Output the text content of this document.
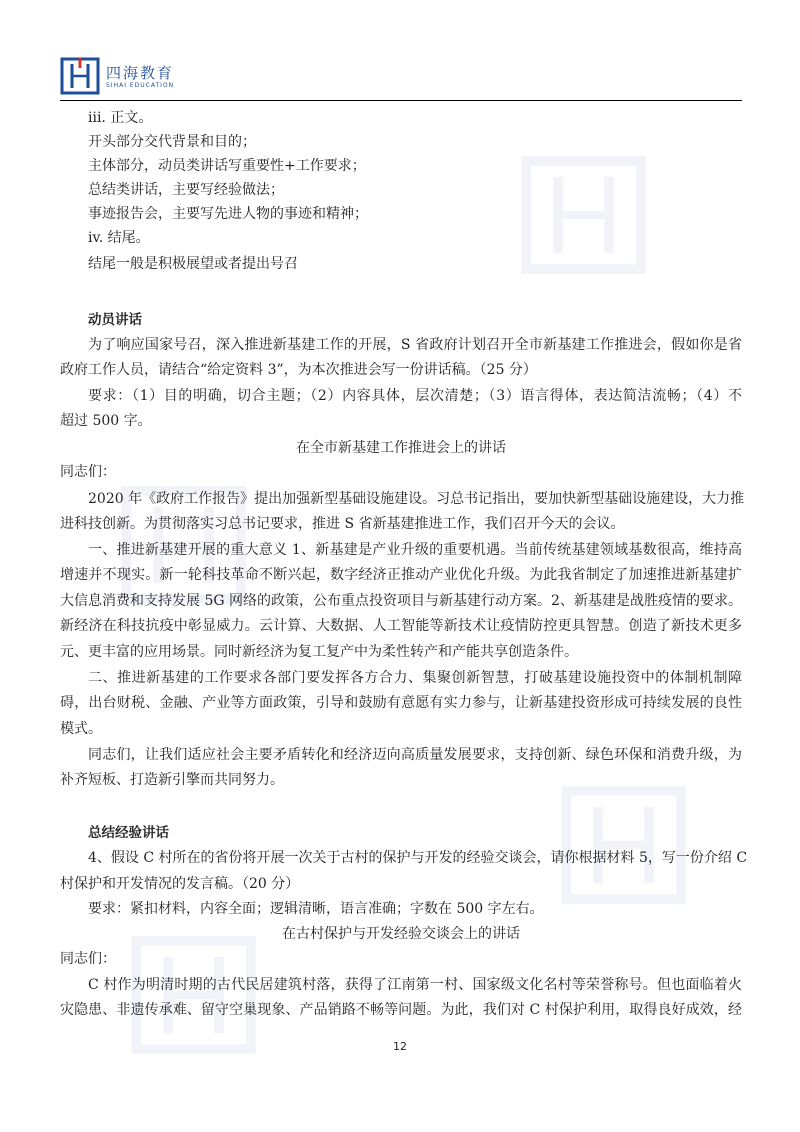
四海教育
SIHAI EDUCATION
iii. 正文。
开头部分交代背景和目的；
主体部分，动员类讲话写重要性+工作要求；
总结类讲话，主要写经验做法；
事迹报告会，主要写先进人物的事迹和精神；
iv. 结尾。
结尾一般是积极展望或者提出号召
动员讲话
为了响应国家号召，深入推进新基建工作的开展，S 省政府计划召开全市新基建工作推进会，假如你是省
政府工作人员，请结合“给定资料 3”，为本次推进会写一份讲话稿。（25 分）
要求：（1）目的明确，切合主题；（2）内容具体，层次清楚；（3）语言得体，表达简洁流畅；（4）不
超过 500 字。
在全市新基建工作推进会上的讲话
同志们：
2020 年《政府工作报告》提出加强新型基础设施建设。习总书记指出，要加快新型基础设施建设，大力推
进科技创新。为贯彻落实习总书记要求，推进 S 省新基建推进工作，我们召开今天的会议。
一、推进新基建开展的重大意义 1、新基建是产业升级的重要机遇。当前传统基建领域基数很高，维持高
增速并不现实。新一轮科技革命不断兴起，数字经济正推动产业优化升级。为此我省制定了加速推进新基建扩
大信息消费和支持发展 5G 网络的政策，公布重点投资项目与新基建行动方案。2、新基建是战胜疫情的要求。
新经济在科技抗疫中彰显威力。云计算、大数据、人工智能等新技术让疫情防控更具智慧。创造了新技术更多
元、更丰富的应用场景。同时新经济为复工复产中为柔性转产和产能共享创造条件。
二、推进新基建的工作要求各部门要发挥各方合力、集聚创新智慧，打破基建设施投资中的体制机制障
碍，出台财税、金融、产业等方面政策，引导和鼓励有意愿有实力参与，让新基建投资形成可持续发展的良性
模式。
同志们，让我们适应社会主要矛盾转化和经济迈向高质量发展要求，支持创新、绿色环保和消费升级，为
补齐短板、打造新引擎而共同努力。
总结经验讲话
4、假设 C 村所在的省份将开展一次关于古村的保护与开发的经验交谈会，请你根据材料 5，写一份介绍 C
村保护和开发情况的发言稿。（20 分）
要求：紧扣材料，内容全面；逻辑清晰，语言准确；字数在 500 字左右。
在古村保护与开发经验交谈会上的讲话
同志们：
C 村作为明清时期的古代民居建筑村落，获得了江南第一村、国家级文化名村等荣誉称号。但也面临着火
灾隐患、非遗传承难、留守空巢现象、产品销路不畅等问题。为此，我们对 C 村保护利用，取得良好成效，经
12
